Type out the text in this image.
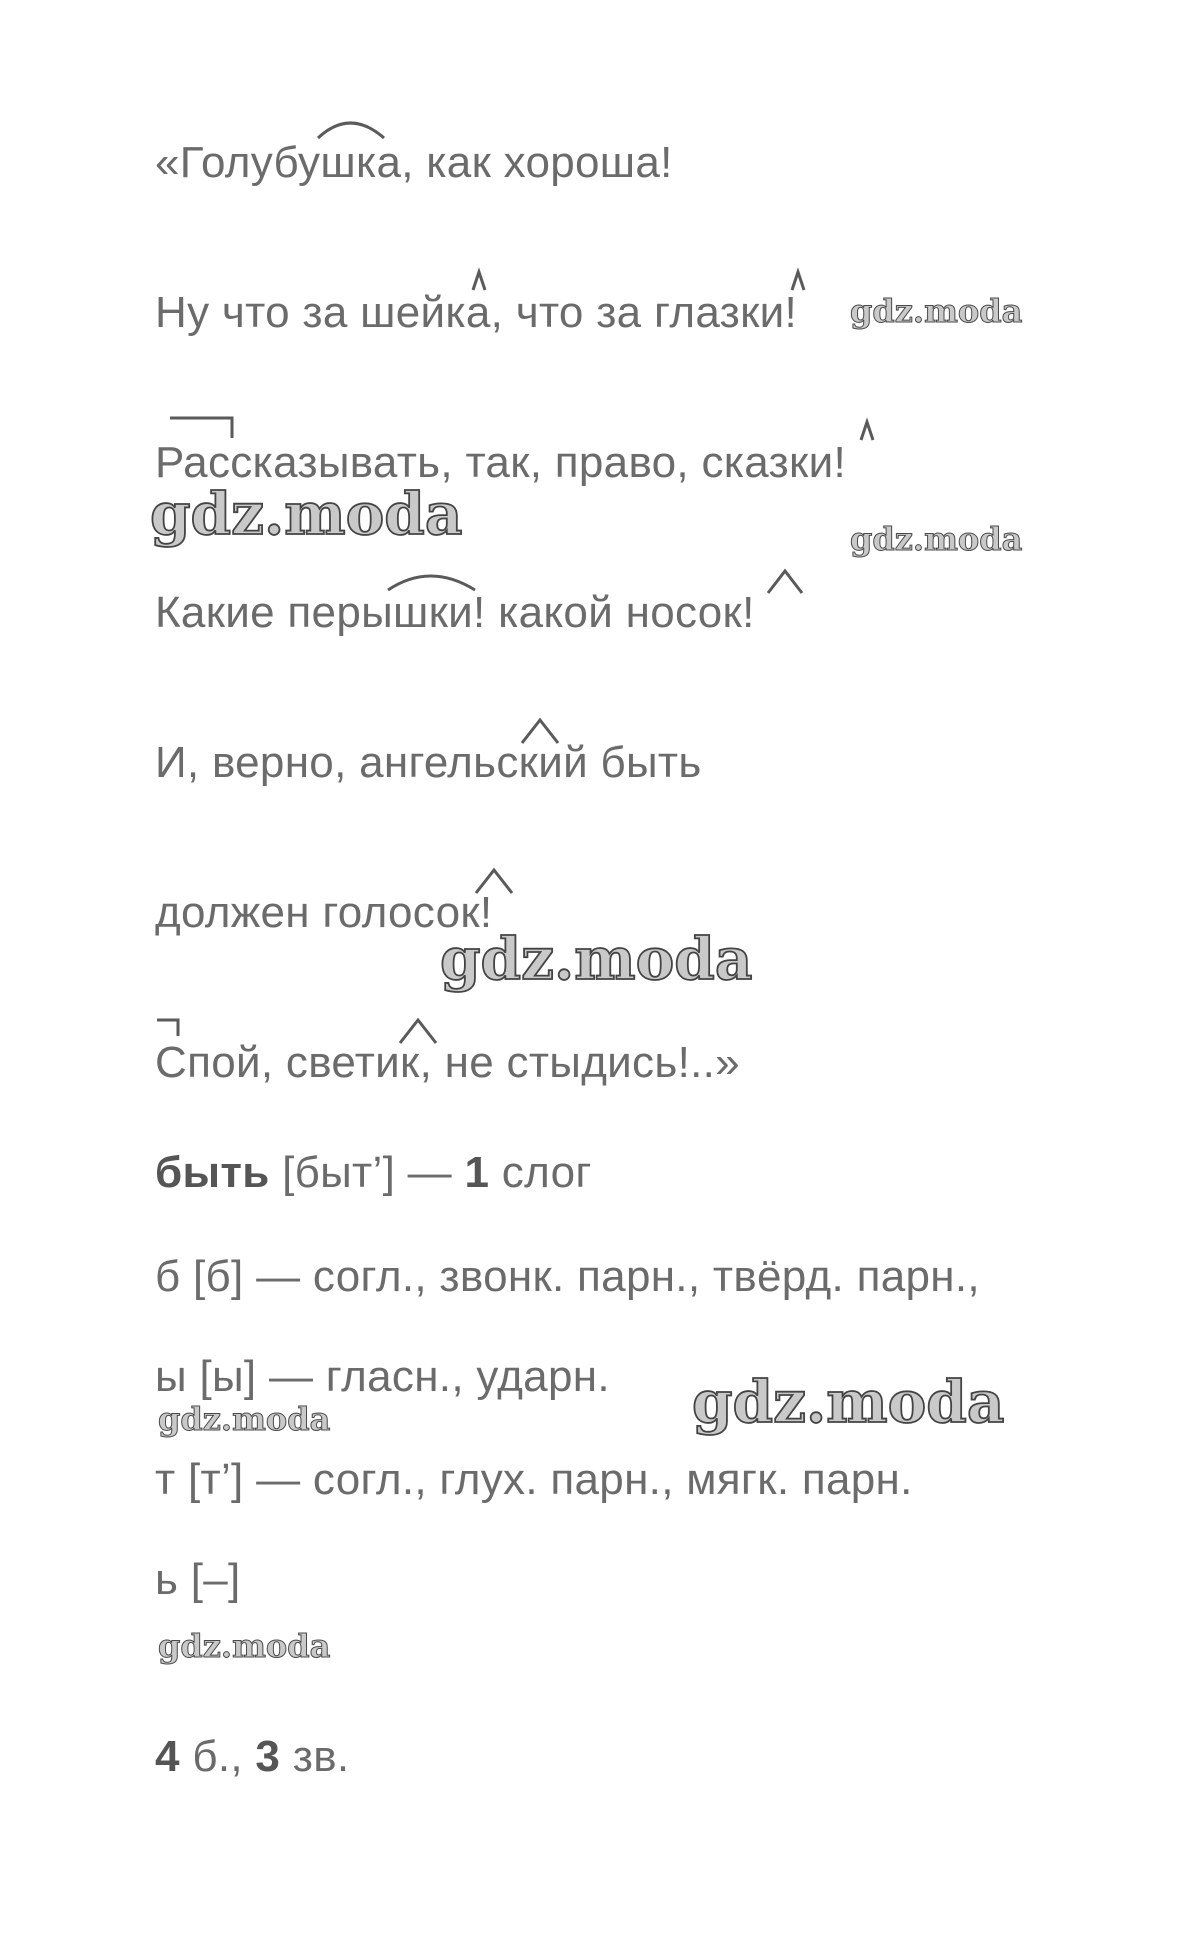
«Голубушка, как хороша!
Ну что за шейка, что за глазки!
Рассказывать, так, право, сказки!
Какие перышки! какой носок!
И, верно, ангельский быть
должен голосок!
Спой, светик, не стыдись!..»
быть [быт’] — 1 слог
б [б] — согл., звонк. парн., твёрд. парн.,
ы [ы] — гласн., ударн.
т [т’] — согл., глух. парн., мягк. парн.
ь [–]
4 б., 3 зв.
gdz.moda
gdz.moda	gdz.moda
gdz.moda
gdz.moda
gdz.moda
gdz.moda
